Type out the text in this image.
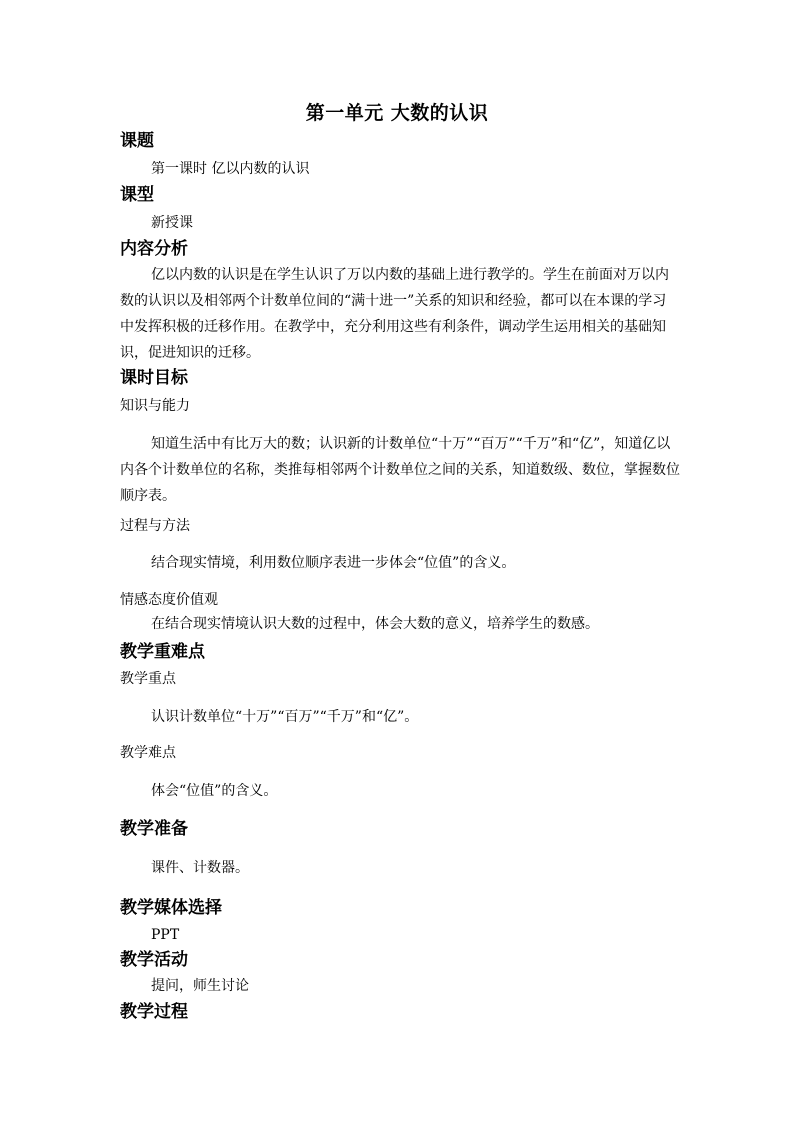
第一单元 大数的认识
课题
第一课时 亿以内数的认识
课型
新授课
内容分析
亿以内数的认识是在学生认识了万以内数的基础上进行教学的。学生在前面对万以内数的认识以及相邻两个计数单位间的“满十进一”关系的知识和经验，都可以在本课的学习中发挥积极的迁移作用。在教学中，充分利用这些有利条件，调动学生运用相关的基础知识，促进知识的迁移。
课时目标
知识与能力
知道生活中有比万大的数；认识新的计数单位“十万”“百万”“千万”和“亿”，知道亿以内各个计数单位的名称，类推每相邻两个计数单位之间的关系，知道数级、数位，掌握数位顺序表。
过程与方法
结合现实情境，利用数位顺序表进一步体会“位值”的含义。
情感态度价值观
在结合现实情境认识大数的过程中，体会大数的意义，培养学生的数感。
教学重难点
教学重点
认识计数单位“十万”“百万”“千万”和“亿”。
教学难点
体会“位值”的含义。
教学准备
课件、计数器。
教学媒体选择
PPT
教学活动
提问，师生讨论
教学过程
